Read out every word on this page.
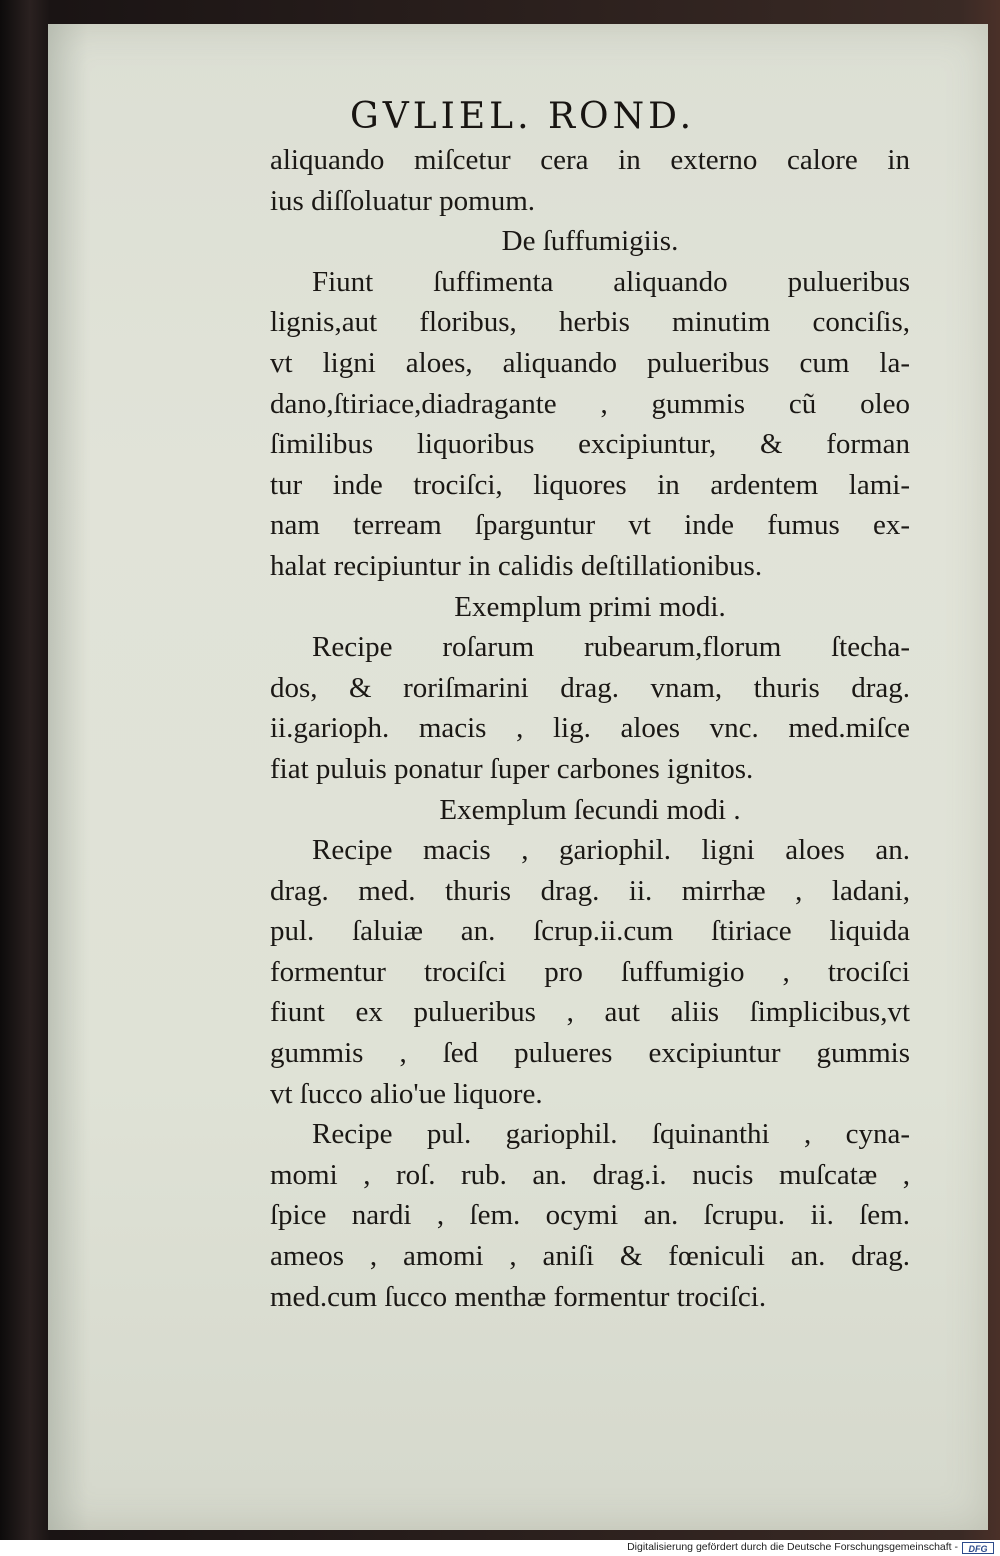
GVLIEL. ROND.
aliquando miſcetur cera in externo calore in
ius diſſoluatur pomum.
De ſuffumigiis.
Fiunt ſuffimenta aliquando pulueribus
lignis,aut floribus, herbis minutim conciſis,
vt ligni aloes, aliquando pulueribus cum la-
dano,ſtiriace,diadragante , gummis cũ oleo
ſimilibus liquoribus excipiuntur, & forman
tur inde trociſci, liquores in ardentem lami-
nam terream ſparguntur vt inde fumus ex-
halat recipiuntur in calidis deſtillationibus.
Exemplum primi modi.
Recipe roſarum rubearum,florum ſtecha-
dos, & roriſmarini drag. vnam, thuris drag.
ii.garioph. macis , lig. aloes vnc. med.miſce
fiat puluis ponatur ſuper carbones ignitos.
Exemplum ſecundi modi .
Recipe macis , gariophil. ligni aloes an.
drag. med. thuris drag. ii. mirrhæ , ladani,
pul. ſaluiæ an. ſcrup.ii.cum ſtiriace liquida
formentur trociſci pro ſuffumigio , trociſci
fiunt ex pulueribus , aut aliis ſimplicibus,vt
gummis , ſed pulueres excipiuntur gummis
vt ſucco alio'ue liquore.
Recipe pul. gariophil. ſquinanthi , cyna-
momi , roſ. rub. an. drag.i. nucis muſcatæ ,
ſpice nardi , ſem. ocymi an. ſcrupu. ii. ſem.
ameos , amomi , aniſi & fœniculi an. drag.
med.cum ſucco menthæ formentur trociſci.
Digitalisierung gefördert durch die Deutsche Forschungsgemeinschaft -	DFG
